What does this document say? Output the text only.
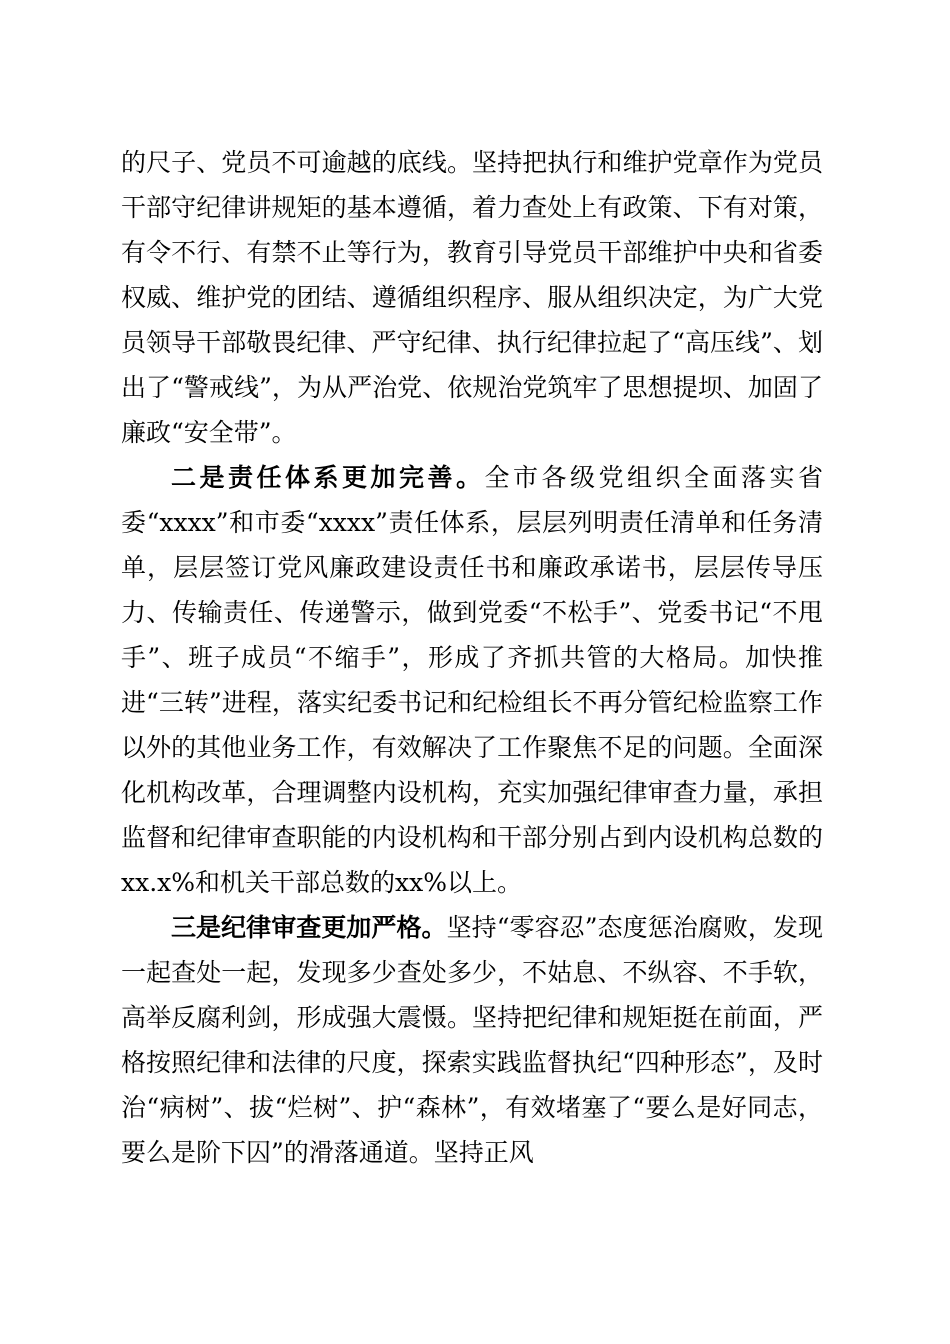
的尺子、党员不可逾越的底线。坚持把执行和维护党章作为党员干部守纪律讲规矩的基本遵循，着力查处上有政策、下有对策，有令不行、有禁不止等行为，教育引导党员干部维护中央和省委权威、维护党的团结、遵循组织程序、服从组织决定，为广大党员领导干部敬畏纪律、严守纪律、执行纪律拉起了“高压线”、划出了“警戒线”，为从严治党、依规治党筑牢了思想提坝、加固了廉政“安全带”。

二是责任体系更加完善。全市各级党组织全面落实省委“xxxx”和市委“xxxx”责任体系，层层列明责任清单和任务清单，层层签订党风廉政建设责任书和廉政承诺书，层层传导压力、传输责任、传递警示，做到党委“不松手”、党委书记“不甩手”、班子成员“不缩手”，形成了齐抓共管的大格局。加快推进“三转”进程，落实纪委书记和纪检组长不再分管纪检监察工作以外的其他业务工作，有效解决了工作聚焦不足的问题。全面深化机构改革，合理调整内设机构，充实加强纪律审查力量，承担监督和纪律审查职能的内设机构和干部分别占到内设机构总数的xx.x%和机关干部总数的xx%以上。

三是纪律审查更加严格。坚持“零容忍”态度惩治腐败，发现一起查处一起，发现多少查处多少，不姑息、不纵容、不手软，高举反腐利剑，形成强大震慑。坚持把纪律和规矩挺在前面，严格按照纪律和法律的尺度，探索实践监督执纪“四种形态”，及时治“病树”、拔“烂树”、护“森林”，有效堵塞了“要么是好同志，要么是阶下囚”的滑落通道。坚持正风
